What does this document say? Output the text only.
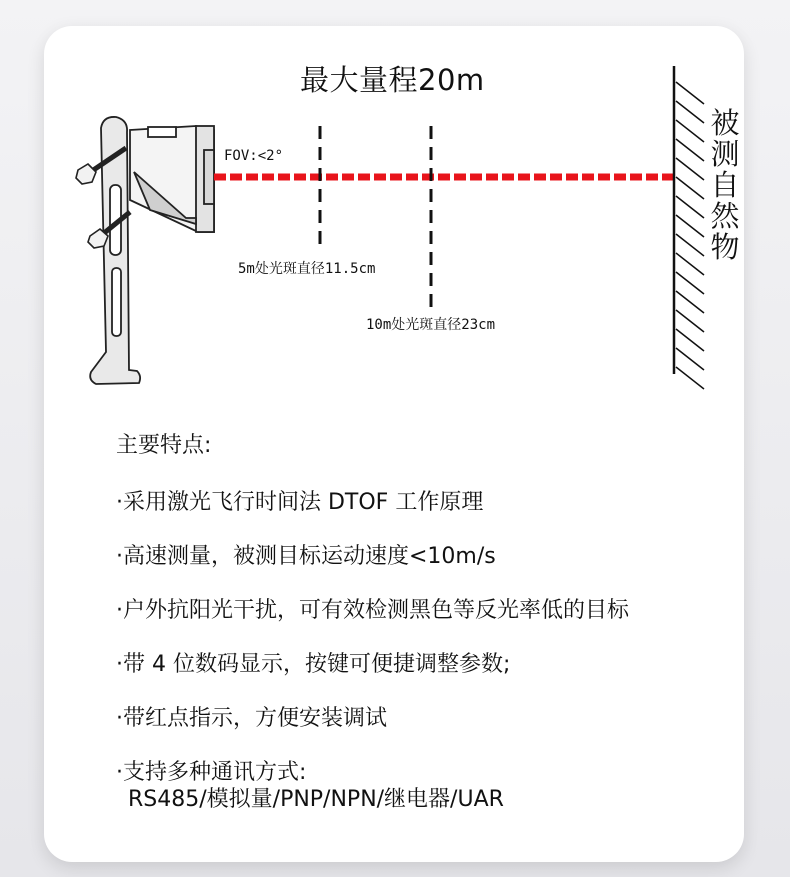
最大量程20m
FOV:<2°
5m处光斑直径11.5cm
10m处光斑直径23cm
被
测
自
然
物
主要特点:
·采用激光飞行时间法 DTOF 工作原理
·高速测量，被测目标运动速度<10m/s
·户外抗阳光干扰，可有效检测黑色等反光率低的目标
·带 4 位数码显示，按键可便捷调整参数;
·带红点指示，方便安装调试
·支持多种通讯方式:
RS485/模拟量/PNP/NPN/继电器/UAR
